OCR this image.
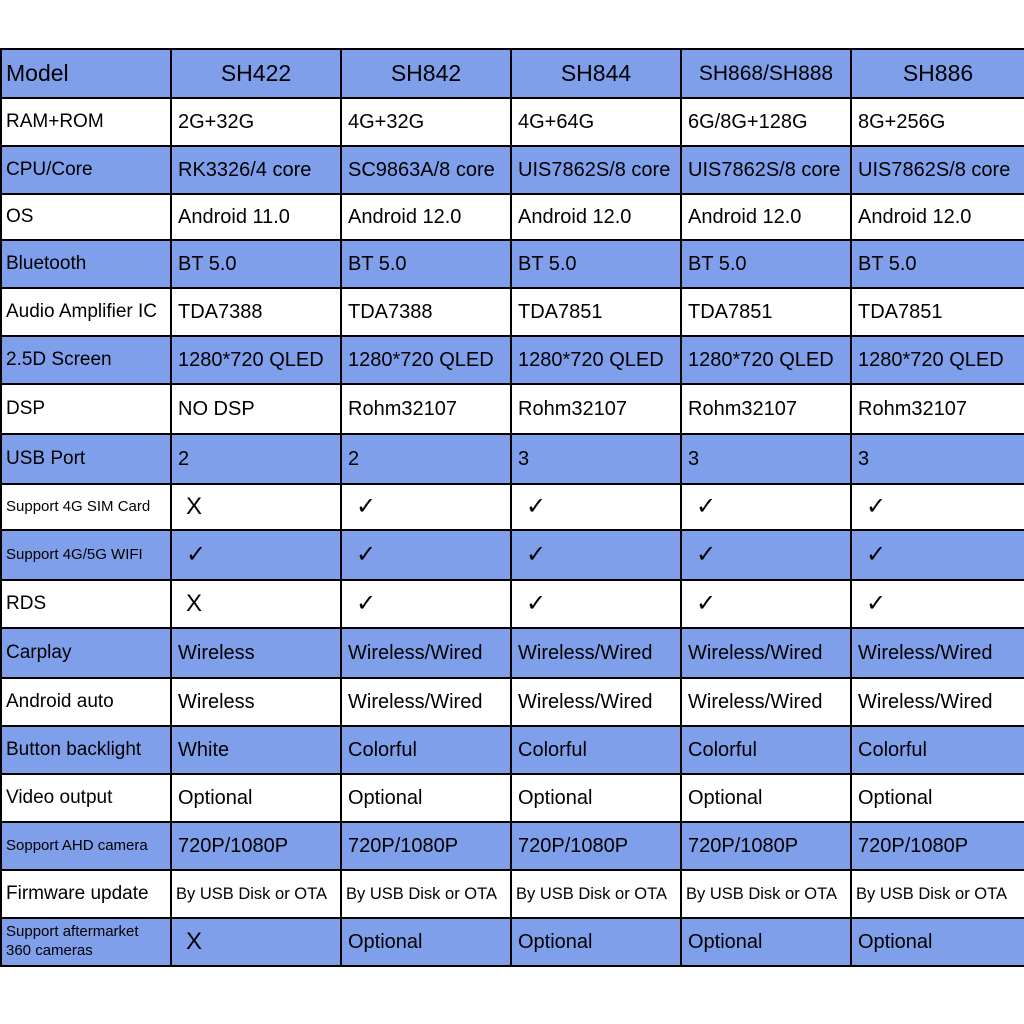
Model	SH422	SH842	SH844	SH868/SH888	SH886
RAM+ROM	2G+32G	4G+32G	4G+64G	6G/8G+128G	8G+256G
CPU/Core	RK3326/4 core	SC9863A/8 core	UIS7862S/8 core	UIS7862S/8 core	UIS7862S/8 core
OS	Android 11.0	Android 12.0	Android 12.0	Android 12.0	Android 12.0
Bluetooth	BT 5.0	BT 5.0	BT 5.0	BT 5.0	BT 5.0
Audio Amplifier IC	TDA7388	TDA7388	TDA7851	TDA7851	TDA7851
2.5D Screen	1280*720 QLED	1280*720 QLED	1280*720 QLED	1280*720 QLED	1280*720 QLED
DSP	NO DSP	Rohm32107	Rohm32107	Rohm32107	Rohm32107
USB Port	2	2	3	3	3
Support 4G SIM Card	X	✓	✓	✓	✓
Support 4G/5G WIFI	✓	✓	✓	✓	✓
RDS	X	✓	✓	✓	✓
Carplay	Wireless	Wireless/Wired	Wireless/Wired	Wireless/Wired	Wireless/Wired
Android auto	Wireless	Wireless/Wired	Wireless/Wired	Wireless/Wired	Wireless/Wired
Button backlight	White	Colorful	Colorful	Colorful	Colorful
Video output	Optional	Optional	Optional	Optional	Optional
Sopport AHD camera	720P/1080P	720P/1080P	720P/1080P	720P/1080P	720P/1080P
Firmware update	By USB Disk or OTA	By USB Disk or OTA	By USB Disk or OTA	By USB Disk or OTA	By USB Disk or OTA
Support aftermarket 360 cameras	X	Optional	Optional	Optional	Optional
